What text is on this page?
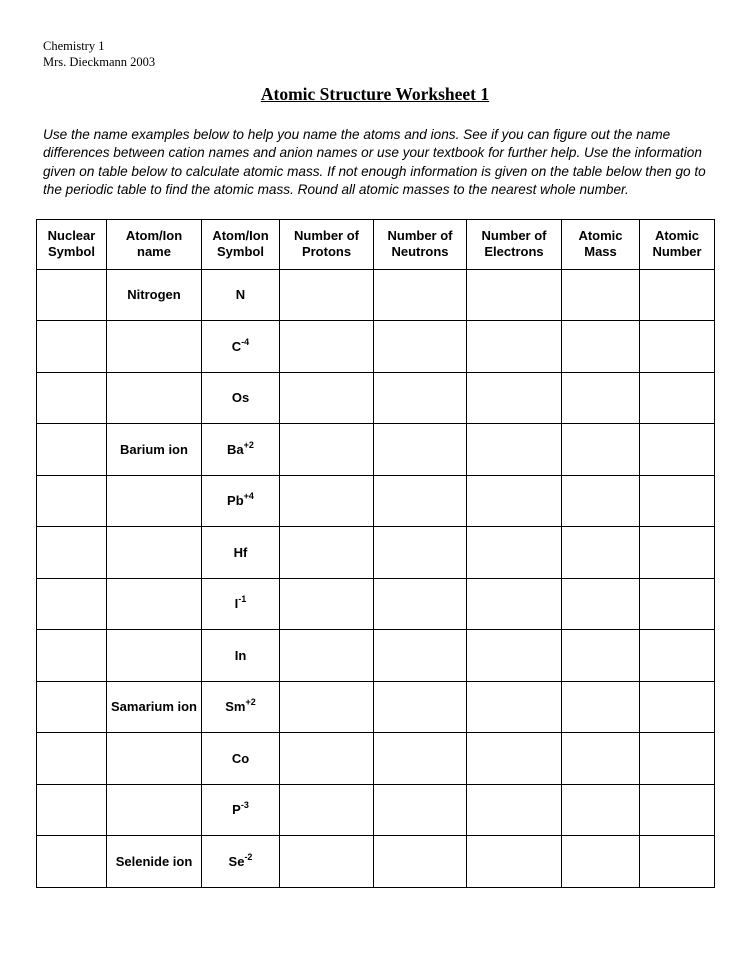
Chemistry 1
Mrs. Dieckmann 2003
Atomic Structure Worksheet 1

Use the name examples below to help you name the atoms and ions. See if you can figure out the name differences between cation names and anion names or use your textbook for further help. Use the information given on table below to calculate atomic mass. If not enough information is given on the table below then go to the periodic table to find the atomic mass. Round all atomic masses to the nearest whole number.

Nuclear Symbol	Atom/Ion name	Atom/Ion Symbol	Number of Protons	Number of Neutrons	Number of Electrons	Atomic Mass	Atomic Number
	Nitrogen	N					
		$C^{-4}$					
		Os					
	Barium ion	$Ba^{+2}$					
		$Pb^{+4}$					
		Hf					
		$I^{-1}$					
		In					
	Samarium ion	$Sm^{+2}$					
		Co					
		$P^{-3}$					
	Selenide ion	$Se^{-2}$					
